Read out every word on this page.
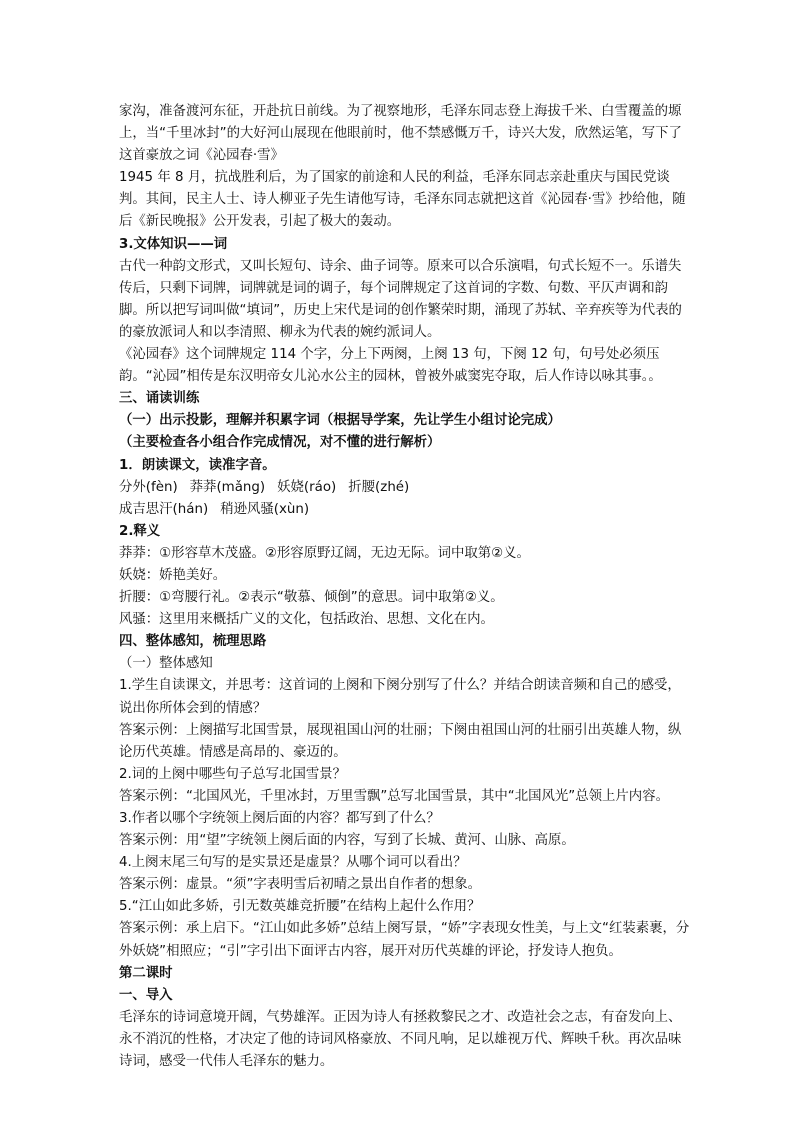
家沟，准备渡河东征，开赴抗日前线。为了视察地形，毛泽东同志登上海拔千米、白雪覆盖的塬上，当“千里冰封”的大好河山展现在他眼前时，他不禁感慨万千，诗兴大发，欣然运笔，写下了这首豪放之词《沁园春·雪》

1945 年 8 月，抗战胜利后，为了国家的前途和人民的利益，毛泽东同志亲赴重庆与国民党谈判。其间，民主人士、诗人柳亚子先生请他写诗，毛泽东同志就把这首《沁园春·雪》抄给他，随后《新民晚报》公开发表，引起了极大的轰动。

3.文体知识——词

古代一种韵文形式，又叫长短句、诗余、曲子词等。原来可以合乐演唱，句式长短不一。乐谱失传后，只剩下词牌，词牌就是词的调子，每个词牌规定了这首词的字数、句数、平仄声调和韵脚。所以把写词叫做“填词”，历史上宋代是词的创作繁荣时期，涌现了苏轼、辛弃疾等为代表的的豪放派词人和以李清照、柳永为代表的婉约派词人。

《沁园春》这个词牌规定 114 个字，分上下两阕，上阕 13 句，下阕 12 句，句号处必须压韵。“沁园”相传是东汉明帝女儿沁水公主的园林，曾被外戚窦宪夺取，后人作诗以咏其事。。

三、诵读训练

（一）出示投影，理解并积累字词（根据导学案，先让学生小组讨论完成）

（主要检查各小组合作完成情况，对不懂的进行解析）

1．朗读课文，读准字音。

分外(fèn) 莽莽(mǎng) 妖娆(ráo) 折腰(zhé)

成吉思汗(hán) 稍逊风骚(xùn)

2.释义

莽莽：①形容草木茂盛。②形容原野辽阔，无边无际。词中取第②义。

妖娆：娇艳美好。

折腰：①弯腰行礼。②表示“敬慕、倾倒”的意思。词中取第②义。

风骚：这里用来概括广义的文化，包括政治、思想、文化在内。

四、整体感知，梳理思路

（一）整体感知

1.学生自读课文，并思考：这首词的上阕和下阕分别写了什么？并结合朗读音频和自己的感受，说出你所体会到的情感？

答案示例：上阕描写北国雪景，展现祖国山河的壮丽；下阕由祖国山河的壮丽引出英雄人物，纵论历代英雄。情感是高昂的、豪迈的。

2.词的上阕中哪些句子总写北国雪景？

答案示例：“北国风光，千里冰封，万里雪飘”总写北国雪景，其中“北国风光”总领上片内容。

3.作者以哪个字统领上阕后面的内容？都写到了什么？

答案示例：用“望”字统领上阕后面的内容，写到了长城、黄河、山脉、高原。

4.上阕末尾三句写的是实景还是虚景？从哪个词可以看出？

答案示例：虚景。“须”字表明雪后初晴之景出自作者的想象。

5.“江山如此多娇，引无数英雄竞折腰”在结构上起什么作用？

答案示例：承上启下。“江山如此多娇”总结上阕写景，“娇”字表现女性美，与上文“红装素裹，分外妖娆”相照应；“引”字引出下面评古内容，展开对历代英雄的评论，抒发诗人抱负。

第二课时

一、导入

毛泽东的诗词意境开阔，气势雄浑。正因为诗人有拯救黎民之才、改造社会之志，有奋发向上、永不消沉的性格，才决定了他的诗词风格豪放、不同凡响，足以雄视万代、辉映千秋。再次品味诗词，感受一代伟人毛泽东的魅力。
